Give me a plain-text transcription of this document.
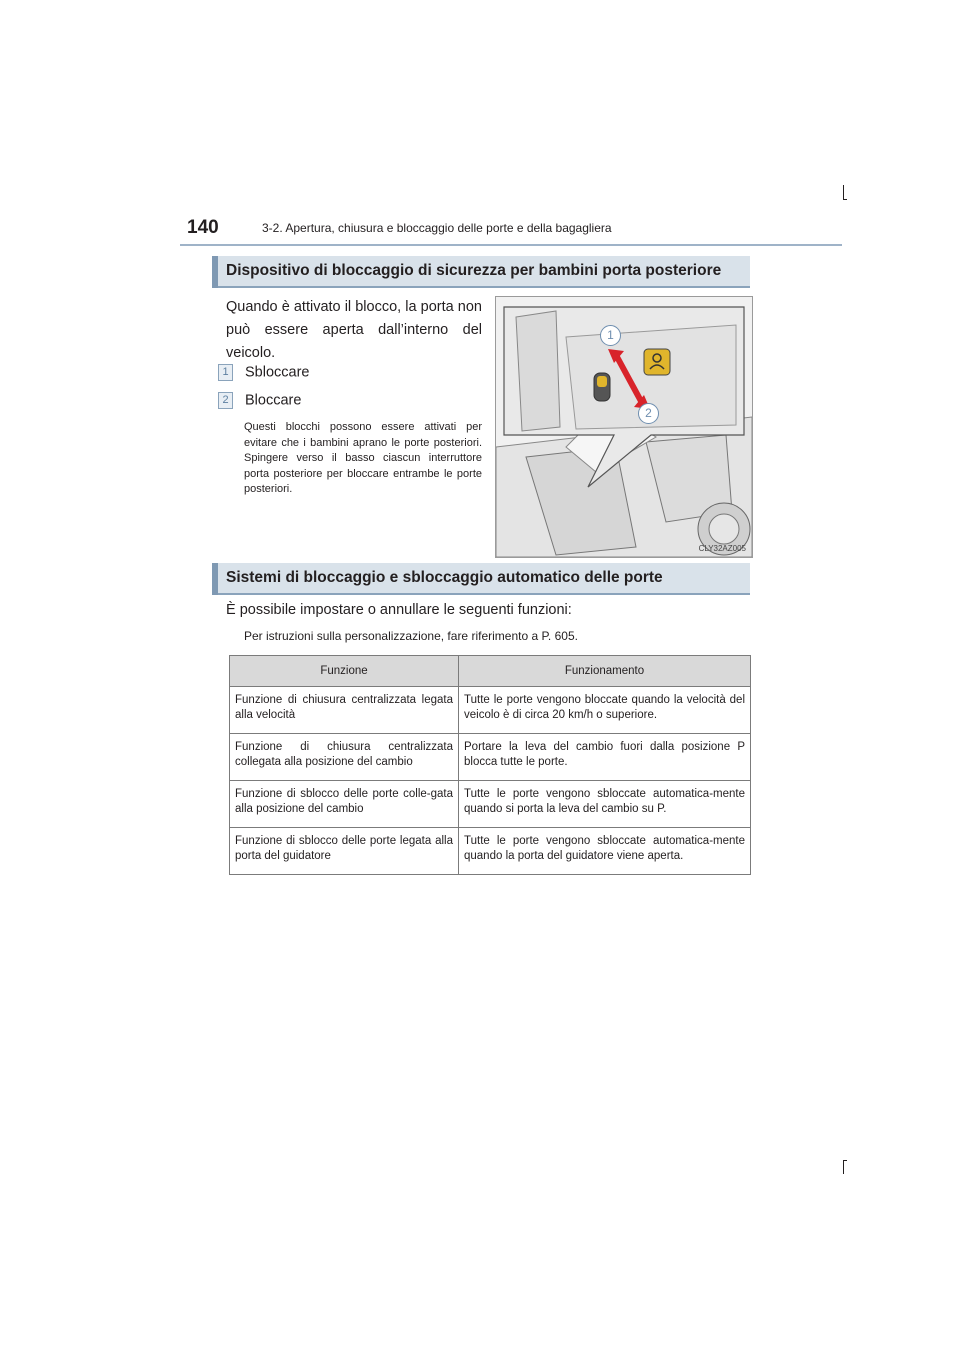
140	3-2. Apertura, chiusura e bloccaggio delle porte e della bagagliera
Dispositivo di bloccaggio di sicurezza per bambini porta posteriore
Quando è attivato il blocco, la porta non può essere aperta dall’interno del veicolo.
1 Sbloccare
2 Bloccare
Questi blocchi possono essere attivati per evitare che i bambini aprano le porte posteriori. Spingere verso il basso ciascun interruttore porta posteriore per bloccare entrambe le porte posteriori.
1
2
CLY32AZ005
Sistemi di bloccaggio e sbloccaggio automatico delle porte
È possibile impostare o annullare le seguenti funzioni:
Per istruzioni sulla personalizzazione, fare riferimento a P. 605.
Funzione	Funzionamento
Funzione di chiusura centralizzata legata alla velocità	Tutte le porte vengono bloccate quando la velocità del veicolo è di circa 20 km/h o superiore.
Funzione di chiusura centralizzata collegata alla posizione del cambio	Portare la leva del cambio fuori dalla posizione P blocca tutte le porte.
Funzione di sblocco delle porte colle-gata alla posizione del cambio	Tutte le porte vengono sbloccate automatica-mente quando si porta la leva del cambio su P.
Funzione di sblocco delle porte legata alla porta del guidatore	Tutte le porte vengono sbloccate automatica-mente quando la porta del guidatore viene aperta.
